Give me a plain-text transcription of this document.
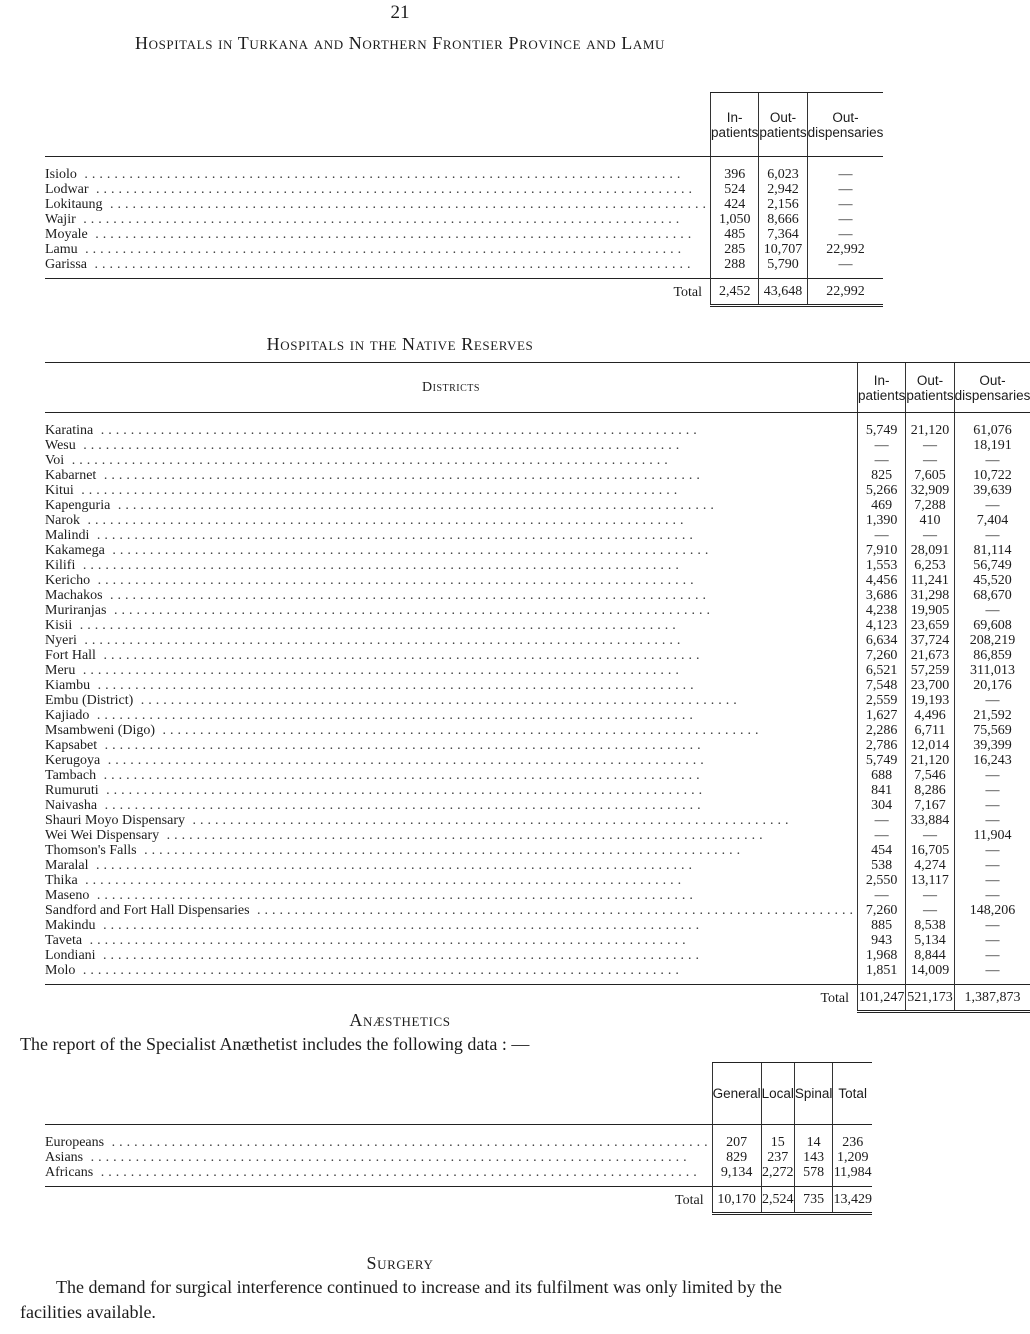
21
Hospitals in Turkana and Northern Frontier Province and Lamu
	In-patients	Out-patients	Out-
dispensaries
Isiolo ................................................................................	396	6,023	—
Lodwar ................................................................................	524	2,942	—
Lokitaung ................................................................................	424	2,156	—
Wajir ................................................................................	1,050	8,666	—
Moyale ................................................................................	485	7,364	—
Lamu ................................................................................	285	10,707	22,992
Garissa ................................................................................	288	5,790	—
Total	2,452	43,648	22,992
Hospitals in the Native Reserves
Districts	In-patients	Out-patients	Out-
dispensaries
Karatina ................................................................................	5,749	21,120	61,076
Wesu ................................................................................	—	—	18,191
Voi ................................................................................	—	—	—
Kabarnet ................................................................................	825	7,605	10,722
Kitui ................................................................................	5,266	32,909	39,639
Kapenguria ................................................................................	469	7,288	—
Narok ................................................................................	1,390	410	7,404
Malindi ................................................................................	—	—	—
Kakamega ................................................................................	7,910	28,091	81,114
Kilifi ................................................................................	1,553	6,253	56,749
Kericho ................................................................................	4,456	11,241	45,520
Machakos ................................................................................	3,686	31,298	68,670
Muriranjas ................................................................................	4,238	19,905	—
Kisii ................................................................................	4,123	23,659	69,608
Nyeri ................................................................................	6,634	37,724	208,219
Fort Hall ................................................................................	7,260	21,673	86,859
Meru ................................................................................	6,521	57,259	311,013
Kiambu ................................................................................	7,548	23,700	20,176
Embu (District) ................................................................................	2,559	19,193	—
Kajiado ................................................................................	1,627	4,496	21,592
Msambweni (Digo) ................................................................................	2,286	6,711	75,569
Kapsabet ................................................................................	2,786	12,014	39,399
Kerugoya ................................................................................	5,749	21,120	16,243
Tambach ................................................................................	688	7,546	—
Rumuruti ................................................................................	841	8,286	—
Naivasha ................................................................................	304	7,167	—
Shauri Moyo Dispensary ................................................................................	—	33,884	—
Wei Wei Dispensary ................................................................................	—	—	11,904
Thomson's Falls ................................................................................	454	16,705	—
Maralal ................................................................................	538	4,274	—
Thika ................................................................................	2,550	13,117	—
Maseno ................................................................................	—	—	—
Sandford and Fort Hall Dispensaries ................................................................................	7,260	—	148,206
Makindu ................................................................................	885	8,538	—
Taveta ................................................................................	943	5,134	—
Londiani ................................................................................	1,968	8,844	—
Molo ................................................................................	1,851	14,009	—
Total	101,247	521,173	1,387,873
Anæsthetics
The report of the Specialist Anæthetist includes the following data : —
	General	Local	Spinal	Total
Europeans ................................................................................	207	15	14	236
Asians ................................................................................	829	237	143	1,209
Africans ................................................................................	9,134	2,272	578	11,984
Total	10,170	2,524	735	13,429
Surgery
The demand for surgical interference continued to increase and its fulfilment was only limited by the facilities available.
